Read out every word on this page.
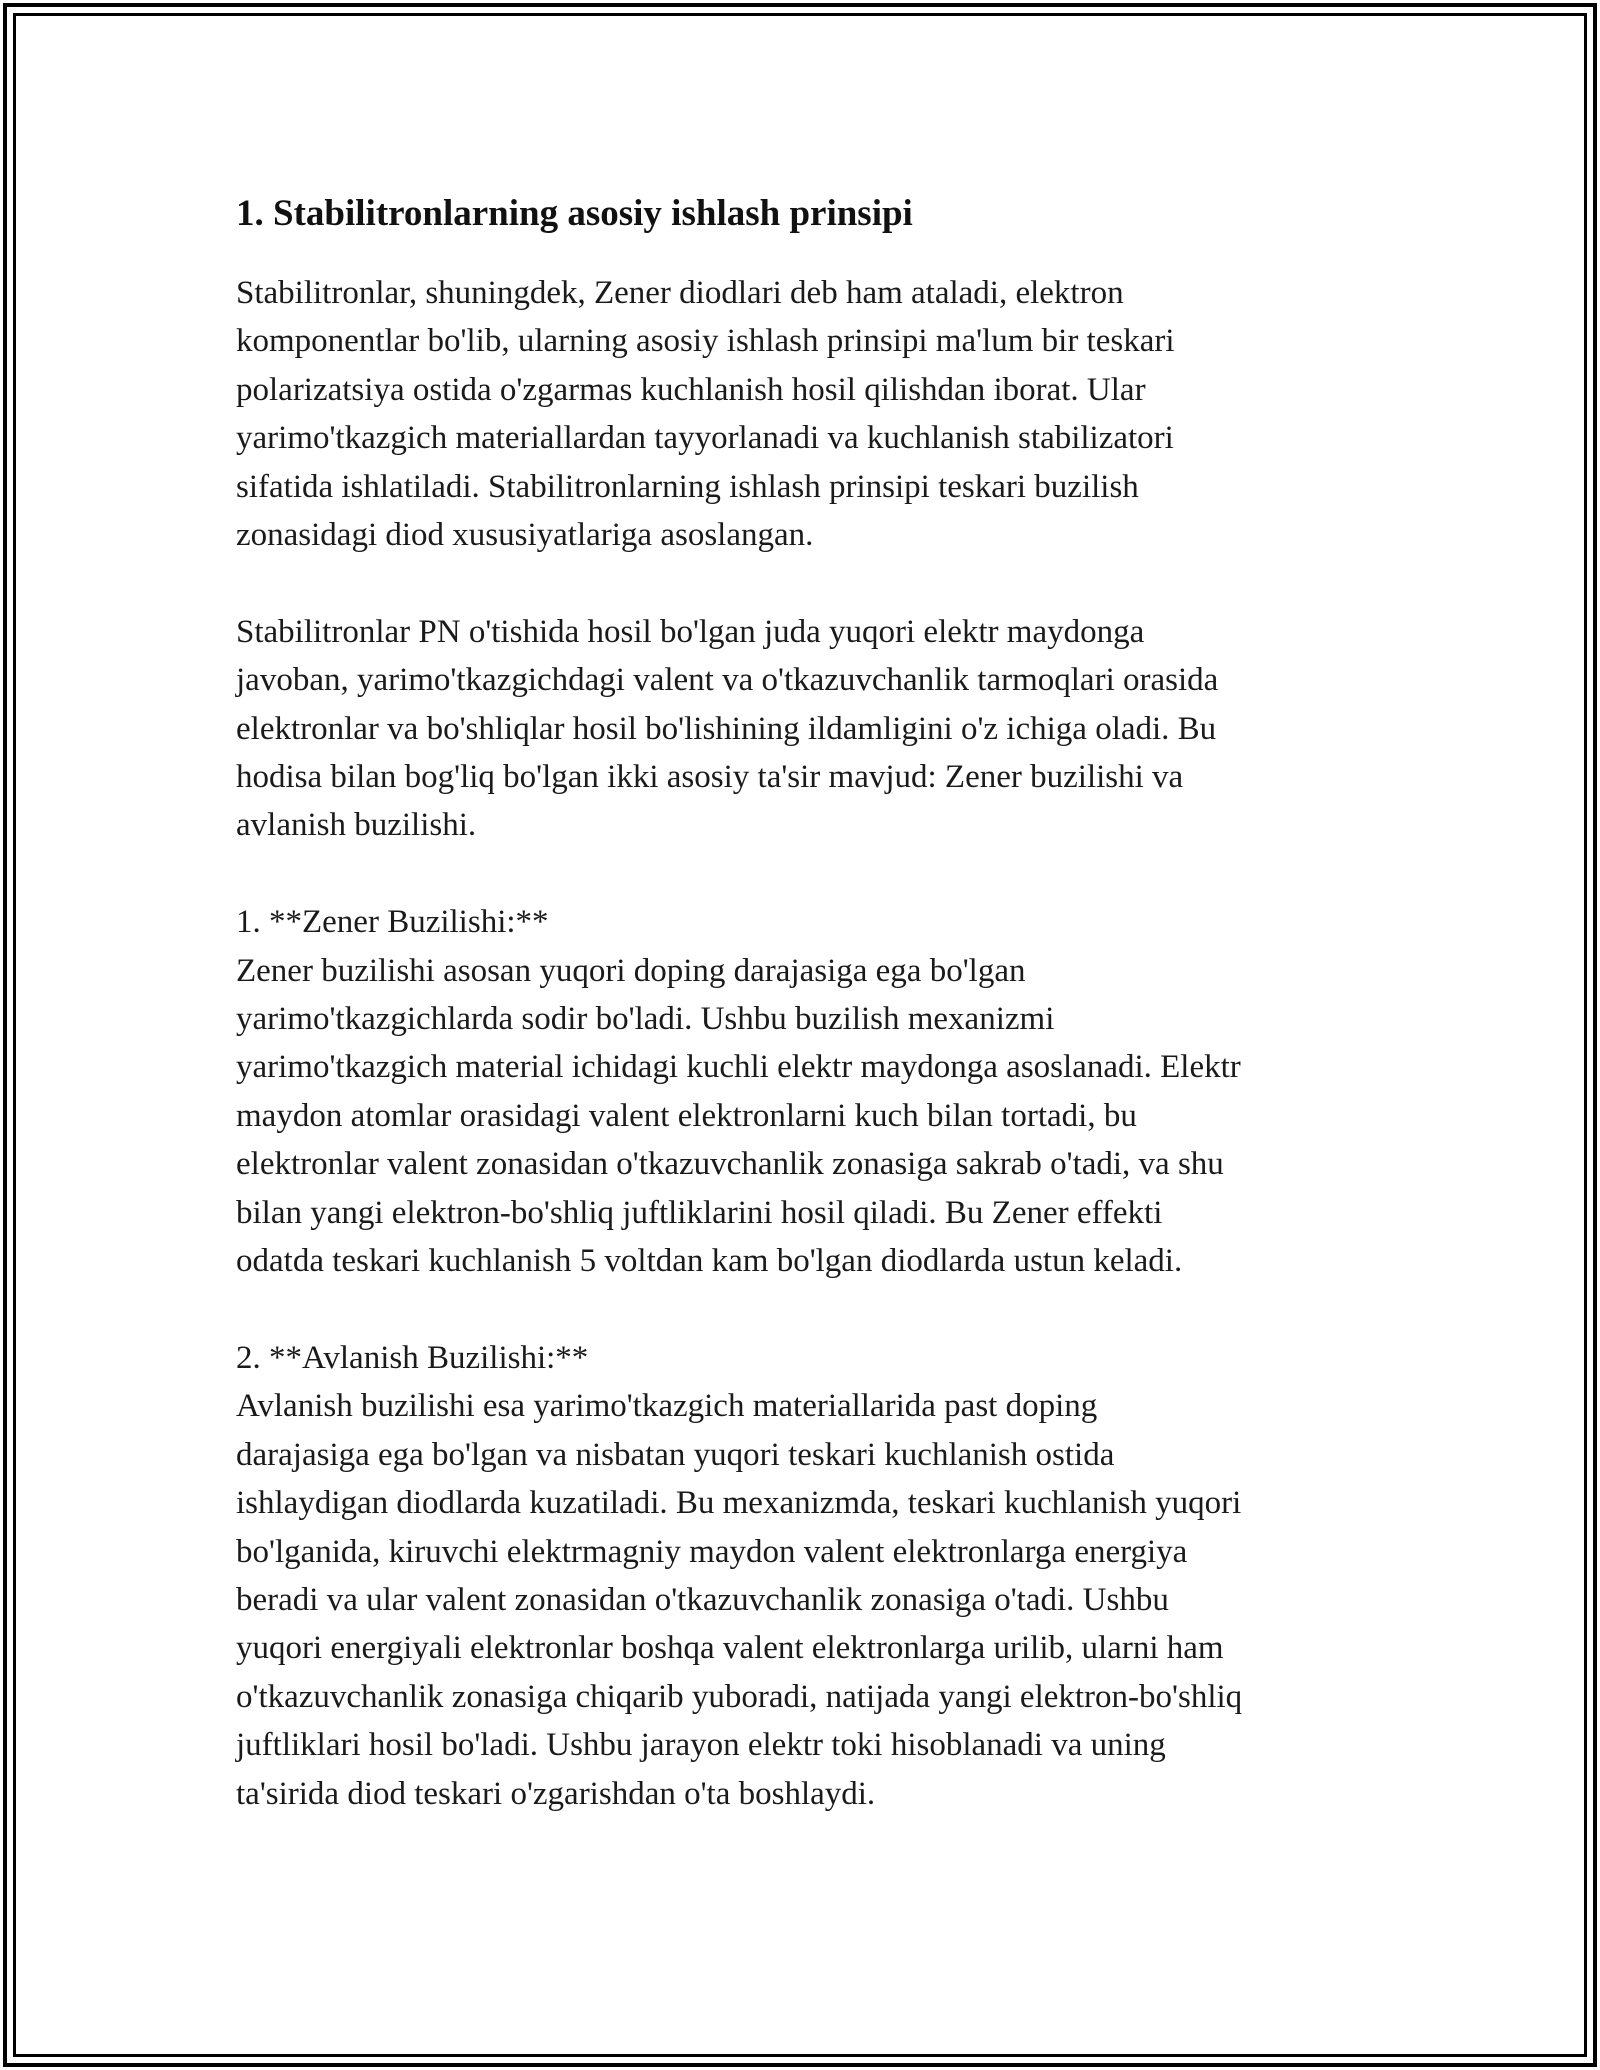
1. Stabilitronlarning asosiy ishlash prinsipi

Stabilitronlar, shuningdek, Zener diodlari deb ham ataladi, elektron
komponentlar bo'lib, ularning asosiy ishlash prinsipi ma'lum bir teskari
polarizatsiya ostida o'zgarmas kuchlanish hosil qilishdan iborat. Ular
yarimo'tkazgich materiallardan tayyorlanadi va kuchlanish stabilizatori
sifatida ishlatiladi. Stabilitronlarning ishlash prinsipi teskari buzilish
zonasidagi diod xususiyatlariga asoslangan.

Stabilitronlar PN o'tishida hosil bo'lgan juda yuqori elektr maydonga
javoban, yarimo'tkazgichdagi valent va o'tkazuvchanlik tarmoqlari orasida
elektronlar va bo'shliqlar hosil bo'lishining ildamligini o'z ichiga oladi. Bu
hodisa bilan bog'liq bo'lgan ikki asosiy ta'sir mavjud: Zener buzilishi va
avlanish buzilishi.

1. **Zener Buzilishi:**
Zener buzilishi asosan yuqori doping darajasiga ega bo'lgan
yarimo'tkazgichlarda sodir bo'ladi. Ushbu buzilish mexanizmi
yarimo'tkazgich material ichidagi kuchli elektr maydonga asoslanadi. Elektr
maydon atomlar orasidagi valent elektronlarni kuch bilan tortadi, bu
elektronlar valent zonasidan o'tkazuvchanlik zonasiga sakrab o'tadi, va shu
bilan yangi elektron-bo'shliq juftliklarini hosil qiladi. Bu Zener effekti
odatda teskari kuchlanish 5 voltdan kam bo'lgan diodlarda ustun keladi.

2. **Avlanish Buzilishi:**
Avlanish buzilishi esa yarimo'tkazgich materiallarida past doping
darajasiga ega bo'lgan va nisbatan yuqori teskari kuchlanish ostida
ishlaydigan diodlarda kuzatiladi. Bu mexanizmda, teskari kuchlanish yuqori
bo'lganida, kiruvchi elektrmagniy maydon valent elektronlarga energiya
beradi va ular valent zonasidan o'tkazuvchanlik zonasiga o'tadi. Ushbu
yuqori energiyali elektronlar boshqa valent elektronlarga urilib, ularni ham
o'tkazuvchanlik zonasiga chiqarib yuboradi, natijada yangi elektron-bo'shliq
juftliklari hosil bo'ladi. Ushbu jarayon elektr toki hisoblanadi va uning
ta'sirida diod teskari o'zgarishdan o'ta boshlaydi.
